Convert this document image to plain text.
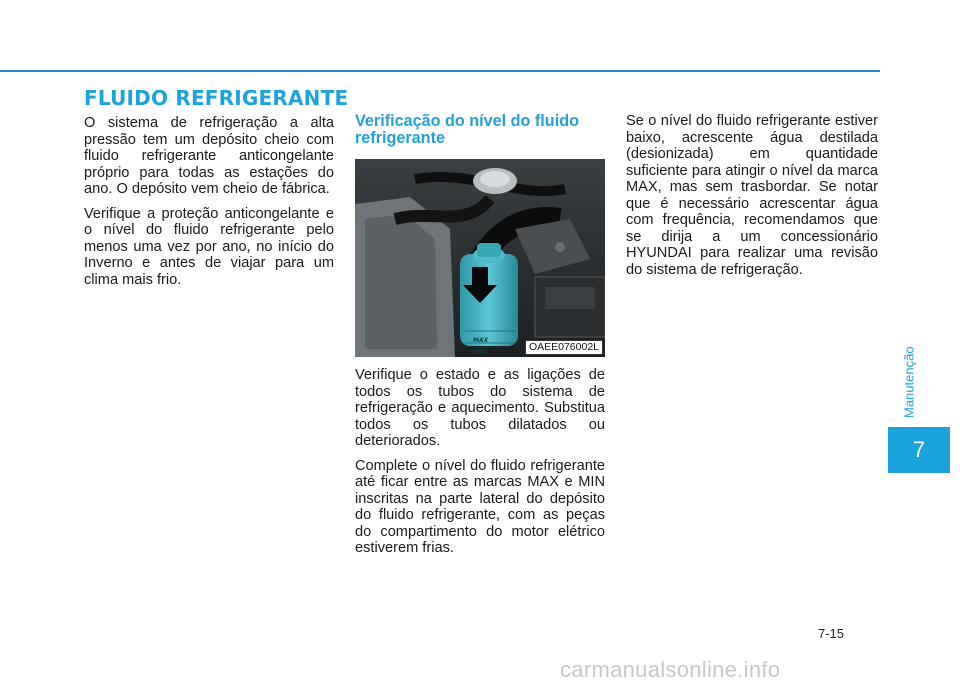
FLUIDO REFRIGERANTE

O sistema de refrigeração a alta pressão tem um depósito cheio com fluido refrigerante anticongelante próprio para todas as estações do ano. O depósito vem cheio de fábrica.

Verifique a proteção anticongelante e o nível do fluido refrigerante pelo menos uma vez por ano, no início do Inverno e antes de viajar para um clima mais frio.

Verificação do nível do fluido refrigerante
MAX
MIN	OAEE076002L

Verifique o estado e as ligações de todos os tubos do sistema de refrigeração e aquecimento. Substitua todos os tubos dilatados ou deteriorados.

Complete o nível do fluido refrigerante até ficar entre as marcas MAX e MIN inscritas na parte lateral do depósito do fluido refrigerante, com as peças do compartimento do motor elétrico estiverem frias.

Se o nível do fluido refrigerante estiver baixo, acrescente água destilada (desionizada) em quantidade suficiente para atingir o nível da marca MAX, mas sem trasbordar. Se notar que é necessário acrescentar água com frequência, recomendamos que se dirija a um concessionário HYUNDAI para realizar uma revisão do sistema de refrigeração.

Manutenção
7
7-15
carmanualsonline.info
